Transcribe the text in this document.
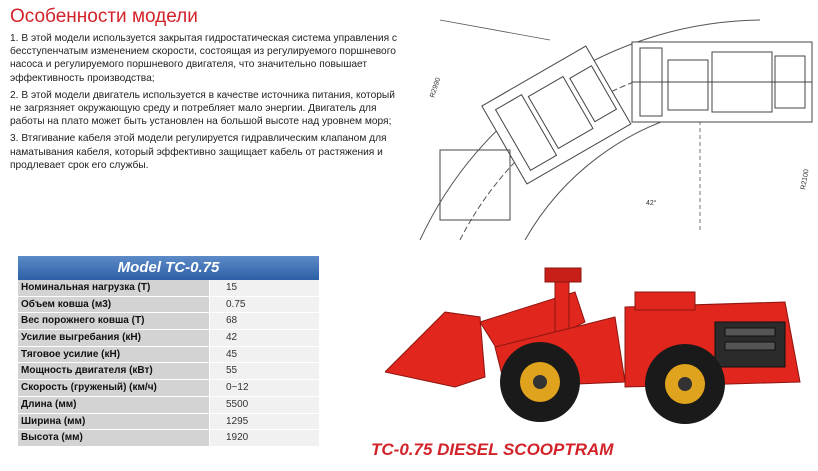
Особенности модели

1. В этой модели используется закрытая гидростатическая система управления с бесступенчатым изменением скорости, состоящая из регулируемого поршневого насоса и регулируемого поршневого двигателя, что значительно повышает эффективность производства;

2. В этой модели двигатель используется в качестве источника питания, который не загрязняет окружающую среду и потребляет мало энергии. Двигатель для работы на плато может быть установлен на большой высоте над уровнем моря;

3. Втягивание кабеля этой модели регулируется гидравлическим клапаном для наматывания кабеля, который эффективно защищает кабель от растяжения и продлевает срок его службы.

R2990
R2100
42°
Model TC-0.75
Номинальная нагрузка (Т)	15
Объем ковша (м3)	0.75
Вес порожнего ковша (Т)	68
Усилие выгребания (кН)	42
Тяговое усилие (кН)	45
Мощность двигателя (кВт)	55
Скорость (груженый) (км/ч)	0~12
Длина (мм)	5500
Ширина (мм)	1295
Высота (мм)	1920
TC-0.75 DIESEL SCOOPTRAM
